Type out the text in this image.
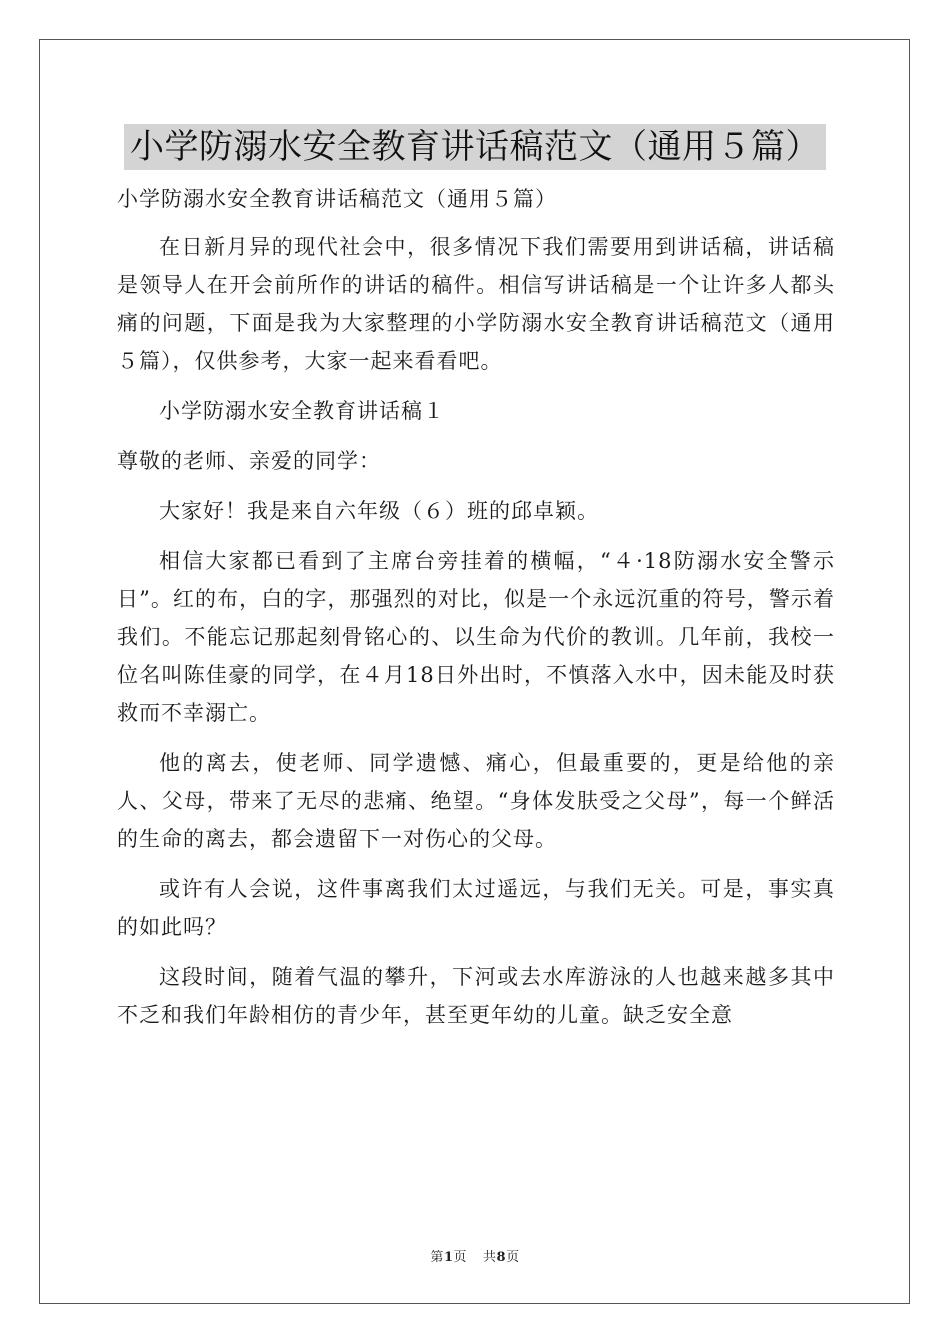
小学防溺水安全教育讲话稿范文（通用５篇）

小学防溺水安全教育讲话稿范文（通用５篇）

在日新月异的现代社会中，很多情况下我们需要用到讲话稿，讲话稿是领导人在开会前所作的讲话的稿件。相信写讲话稿是一个让许多人都头痛的问题，下面是我为大家整理的小学防溺水安全教育讲话稿范文（通用５篇），仅供参考，大家一起来看看吧。

小学防溺水安全教育讲话稿１

尊敬的老师、亲爱的同学：

大家好！我是来自六年级（６）班的邱卓颖。

相信大家都已看到了主席台旁挂着的横幅，“４·18防溺水安全警示日”。红的布，白的字，那强烈的对比，似是一个永远沉重的符号，警示着我们。不能忘记那起刻骨铭心的、以生命为代价的教训。几年前，我校一位名叫陈佳豪的同学，在４月18日外出时，不慎落入水中，因未能及时获救而不幸溺亡。

他的离去，使老师、同学遗憾、痛心，但最重要的，更是给他的亲人、父母，带来了无尽的悲痛、绝望。“身体发肤受之父母”，每一个鲜活的生命的离去，都会遗留下一对伤心的父母。

或许有人会说，这件事离我们太过遥远，与我们无关。可是，事实真的如此吗？

这段时间，随着气温的攀升，下河或去水库游泳的人也越来越多其中不乏和我们年龄相仿的青少年，甚至更年幼的儿童。缺乏安全意

第1页 共8页
